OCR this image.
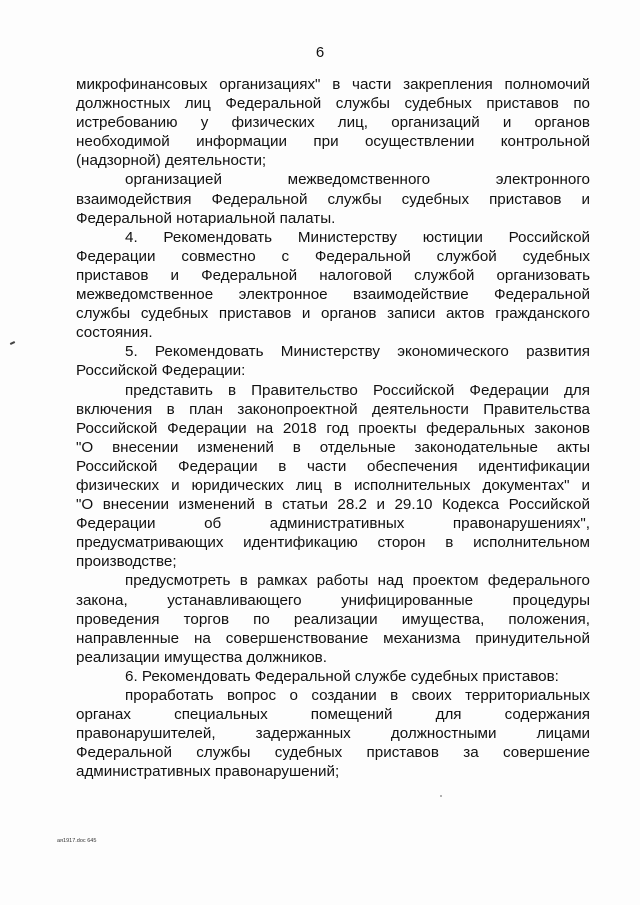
6
микрофинансовых организациях" в части закрепления полномочий
должностных лиц Федеральной службы судебных приставов по
истребованию у физических лиц, организаций и органов
необходимой информации при осуществлении контрольной
(надзорной) деятельности;
организацией межведомственного электронного
взаимодействия Федеральной службы судебных приставов и
Федеральной нотариальной палаты.
4. Рекомендовать Министерству юстиции Российской
Федерации совместно с Федеральной службой судебных
приставов и Федеральной налоговой службой организовать
межведомственное электронное взаимодействие Федеральной
службы судебных приставов и органов записи актов гражданского
состояния.
5. Рекомендовать Министерству экономического развития
Российской Федерации:
представить в Правительство Российской Федерации для
включения в план законопроектной деятельности Правительства
Российской Федерации на 2018 год проекты федеральных законов
"О внесении изменений в отдельные законодательные акты
Российской Федерации в части обеспечения идентификации
физических и юридических лиц в исполнительных документах" и
"О внесении изменений в статьи 28.2 и 29.10 Кодекса Российской
Федерации об административных правонарушениях",
предусматривающих идентификацию сторон в исполнительном
производстве;
предусмотреть в рамках работы над проектом федерального
закона, устанавливающего унифицированные процедуры
проведения торгов по реализации имущества, положения,
направленные на совершенствование механизма принудительной
реализации имущества должников.
6. Рекомендовать Федеральной службе судебных приставов:
проработать вопрос о создании в своих территориальных
органах специальных помещений для содержания
правонарушителей, задержанных должностными лицами
Федеральной службы судебных приставов за совершение
административных правонарушений;
ая1917.doc 645
